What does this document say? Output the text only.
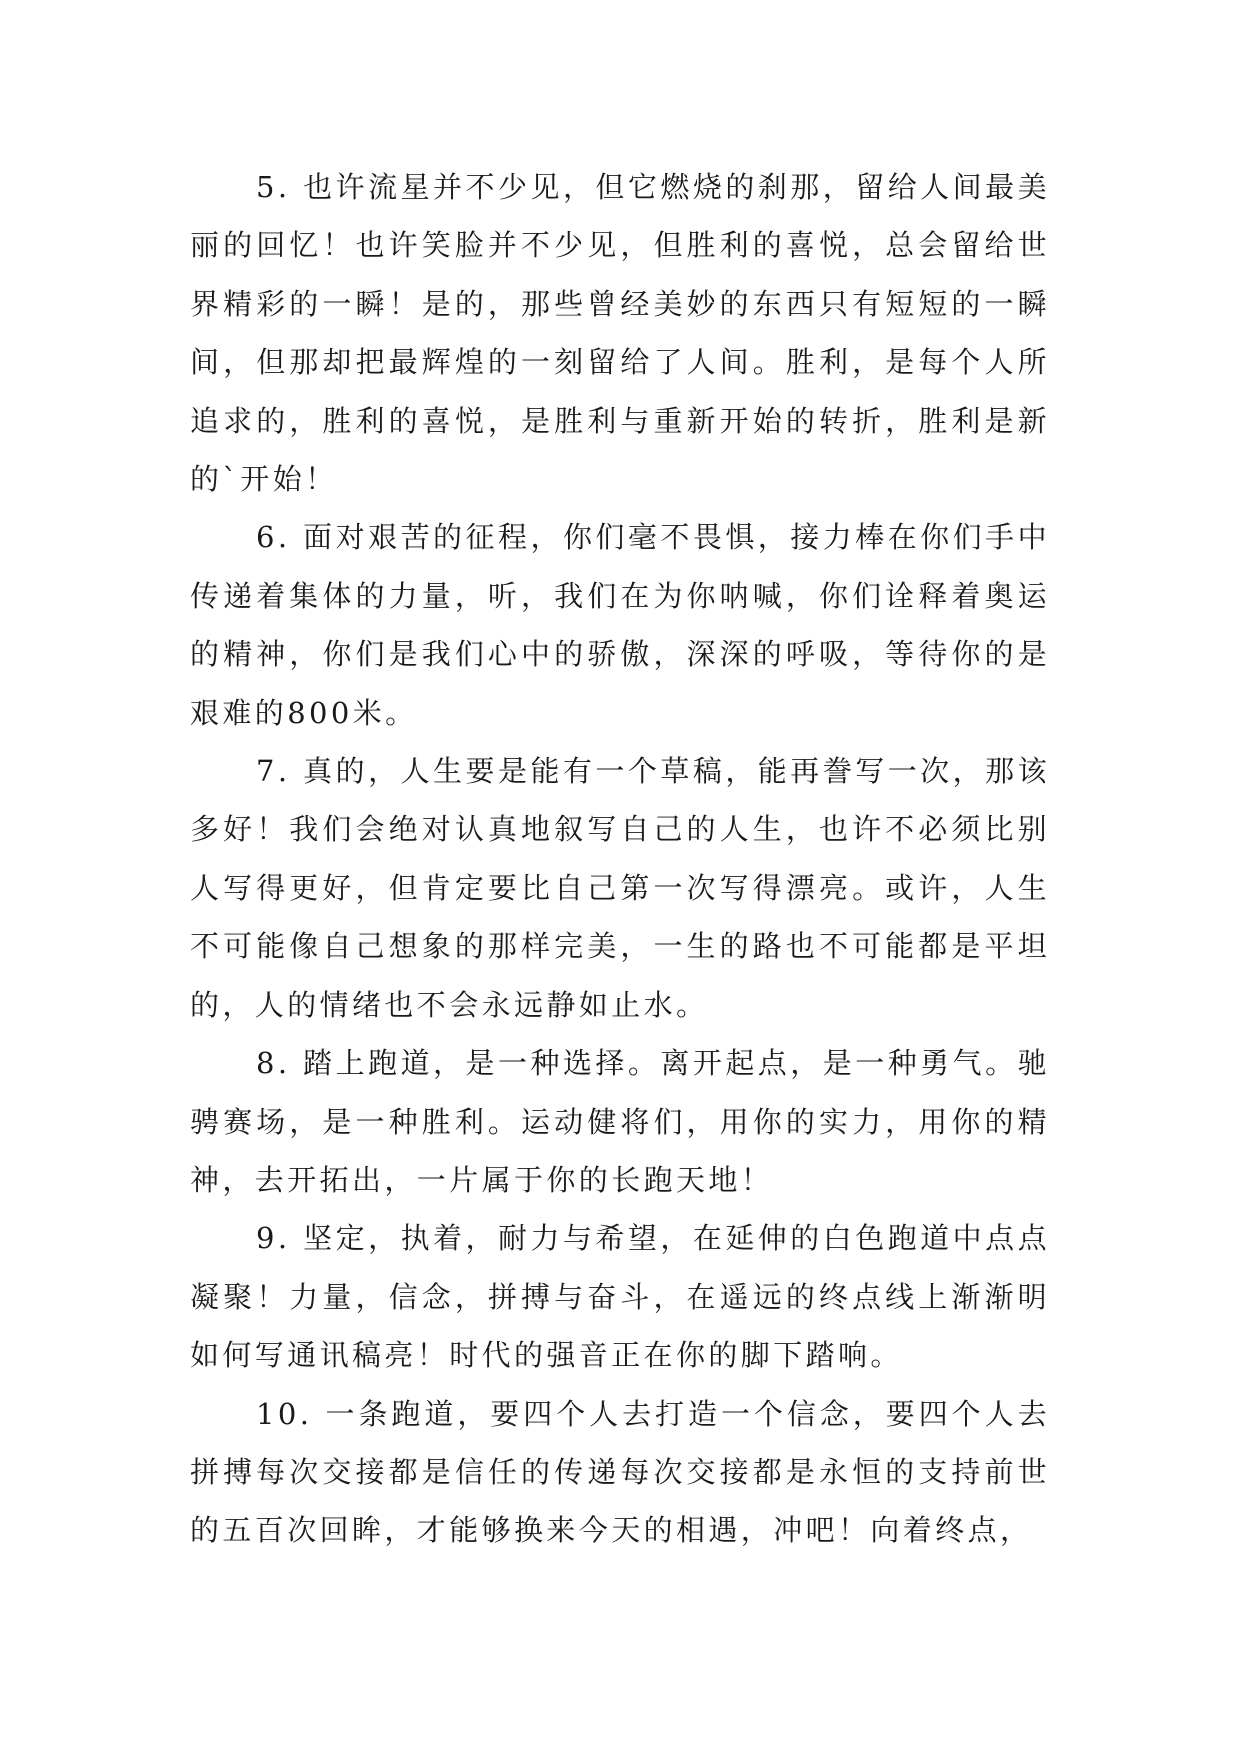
5. 也许流星并不少见，但它燃烧的刹那，留给人间最美丽的回忆！也许笑脸并不少见，但胜利的喜悦，总会留给世界精彩的一瞬！是的，那些曾经美妙的东西只有短短的一瞬间，但那却把最辉煌的一刻留给了人间。胜利，是每个人所追求的，胜利的喜悦，是胜利与重新开始的转折，胜利是新的`开始！

6. 面对艰苦的征程，你们毫不畏惧，接力棒在你们手中传递着集体的力量，听，我们在为你呐喊，你们诠释着奥运的精神，你们是我们心中的骄傲，深深的呼吸，等待你的是艰难的800米。

7. 真的，人生要是能有一个草稿，能再誊写一次，那该多好！我们会绝对认真地叙写自己的人生，也许不必须比别人写得更好，但肯定要比自己第一次写得漂亮。或许，人生不可能像自己想象的那样完美，一生的路也不可能都是平坦的，人的情绪也不会永远静如止水。

8. 踏上跑道，是一种选择。离开起点，是一种勇气。驰骋赛场，是一种胜利。运动健将们，用你的实力，用你的精神，去开拓出，一片属于你的长跑天地！

9. 坚定，执着，耐力与希望，在延伸的白色跑道中点点凝聚！力量，信念，拼搏与奋斗，在遥远的终点线上渐渐明如何写通讯稿亮！时代的强音正在你的脚下踏响。

10. 一条跑道，要四个人去打造一个信念，要四个人去拼搏每次交接都是信任的传递每次交接都是永恒的支持前世的五百次回眸，才能够换来今天的相遇，冲吧！向着终点，
